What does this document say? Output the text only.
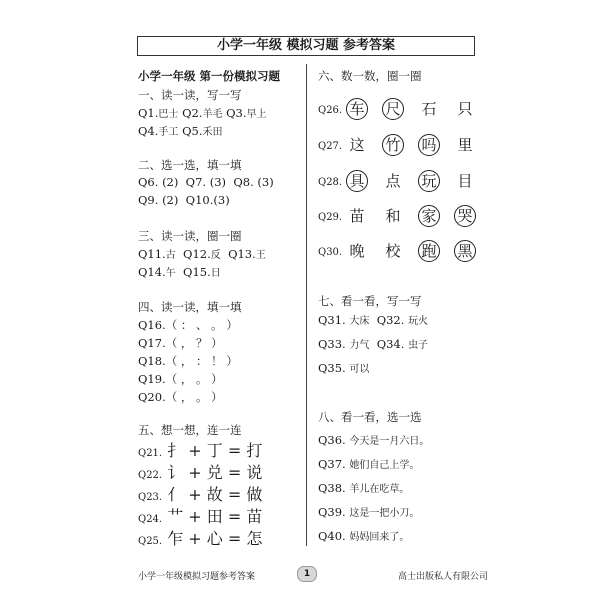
小学一年级 模拟习题 参考答案
小学一年级 第一份模拟习题
一、读一读，写一写
Q1.巴士 Q2.羊毛 Q3.早上
Q4.手工 Q5.禾田
二、选一选，填一填
Q6. (2) Q7. (3) Q8. (3)
Q9. (2) Q10.(3)
三、读一读，圈一圈
Q11.古 Q12.反 Q13.王
Q14.午 Q15.日
四、读一读，填一填
Q16.（ ： 、 。 ）
Q17.（ ， ？ ）
Q18.（ ， ： ！ ）
Q19.（ ， 。 ）
Q20.（ ， 。 ）
五、想一想，连一连
Q21. 扌 + 丁 = 打
Q22. 讠 + 兑 = 说
Q23. 亻 + 故 = 做
Q24. 艹 + 田 = 苗
Q25. 乍 + 心 = 怎
六、数一数，圈一圈
Q26. 车 尺 石 只
Q27. 这 竹 吗 里
Q28. 具 点 玩 目
Q29. 苗 和 家 哭
Q30. 晚 校 跑 黑
七、看一看，写一写
Q31. 大床 Q32. 玩火
Q33. 力气 Q34. 虫子
Q35. 可以
八、看一看，选一选
Q36. 今天是一月六日。
Q37. 她们自己上学。
Q38. 羊儿在吃草。
Q39. 这是一把小刀。
Q40. 妈妈回来了。
小学一年级模拟习题参考答案	1	高士出版私人有限公司
